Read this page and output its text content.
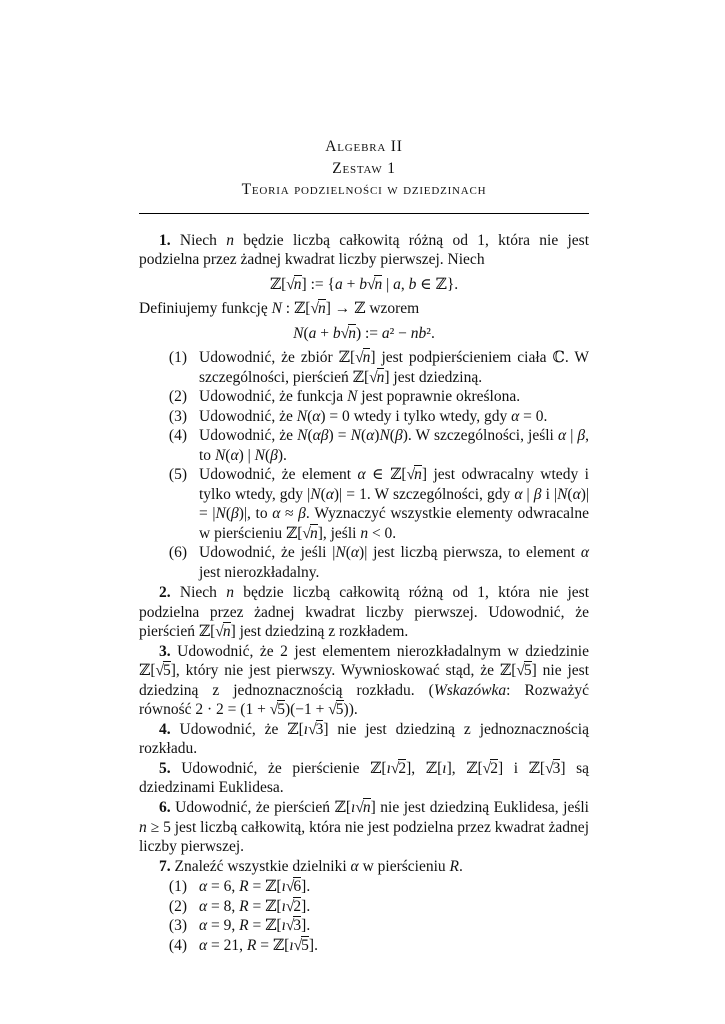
Algebra II
Zestaw 1
Teoria podzielności w dziedzinach

1. Niech n będzie liczbą całkowitą różną od 1, która nie jest podzielna przez żadnej kwadrat liczby pierwszej. Niech

ℤ[√n] := {a + b√n | a, b ∈ ℤ}.

Definiujemy funkcję N : ℤ[√n] → ℤ wzorem

N(a + b√n) := a² − nb².
(1) Udowodnić, że zbiór ℤ[√n] jest podpierścieniem ciała ℂ. W szczególności, pierścień ℤ[√n] jest dziedziną.
(2) Udowodnić, że funkcja N jest poprawnie określona.
(3) Udowodnić, że N(α) = 0 wtedy i tylko wtedy, gdy α = 0.
(4) Udowodnić, że N(αβ) = N(α)N(β). W szczególności, jeśli α | β, to N(α) | N(β).
(5) Udowodnić, że element α ∈ ℤ[√n] jest odwracalny wtedy i tylko wtedy, gdy |N(α)| = 1. W szczególności, gdy α | β i |N(α)| = |N(β)|, to α ≈ β. Wyznaczyć wszystkie elementy odwracalne w pierścieniu ℤ[√n], jeśli n < 0.
(6) Udowodnić, że jeśli |N(α)| jest liczbą pierwsza, to element α jest nierozkładalny.

2. Niech n będzie liczbą całkowitą różną od 1, która nie jest podzielna przez żadnej kwadrat liczby pierwszej. Udowodnić, że pierścień ℤ[√n] jest dziedziną z rozkładem.

3. Udowodnić, że 2 jest elementem nierozkładalnym w dziedzinie ℤ[√5], który nie jest pierwszy. Wywnioskować stąd, że ℤ[√5] nie jest dziedziną z jednoznacznością rozkładu. (Wskazówka: Rozważyć równość 2 · 2 = (1 + √5)(−1 + √5)).

4. Udowodnić, że ℤ[ı√3] nie jest dziedziną z jednoznacznością rozkładu.

5. Udowodnić, że pierścienie ℤ[ı√2], ℤ[ı], ℤ[√2] i ℤ[√3] są dziedzinami Euklidesa.

6. Udowodnić, że pierścień ℤ[ı√n] nie jest dziedziną Euklidesa, jeśli n ≥ 5 jest liczbą całkowitą, która nie jest podzielna przez kwadrat żadnej liczby pierwszej.

7. Znaleźć wszystkie dzielniki α w pierścieniu R.

(1) α = 6, R = ℤ[ı√6].
(2) α = 8, R = ℤ[ı√2].
(3) α = 9, R = ℤ[ı√3].
(4) α = 21, R = ℤ[ı√5].
